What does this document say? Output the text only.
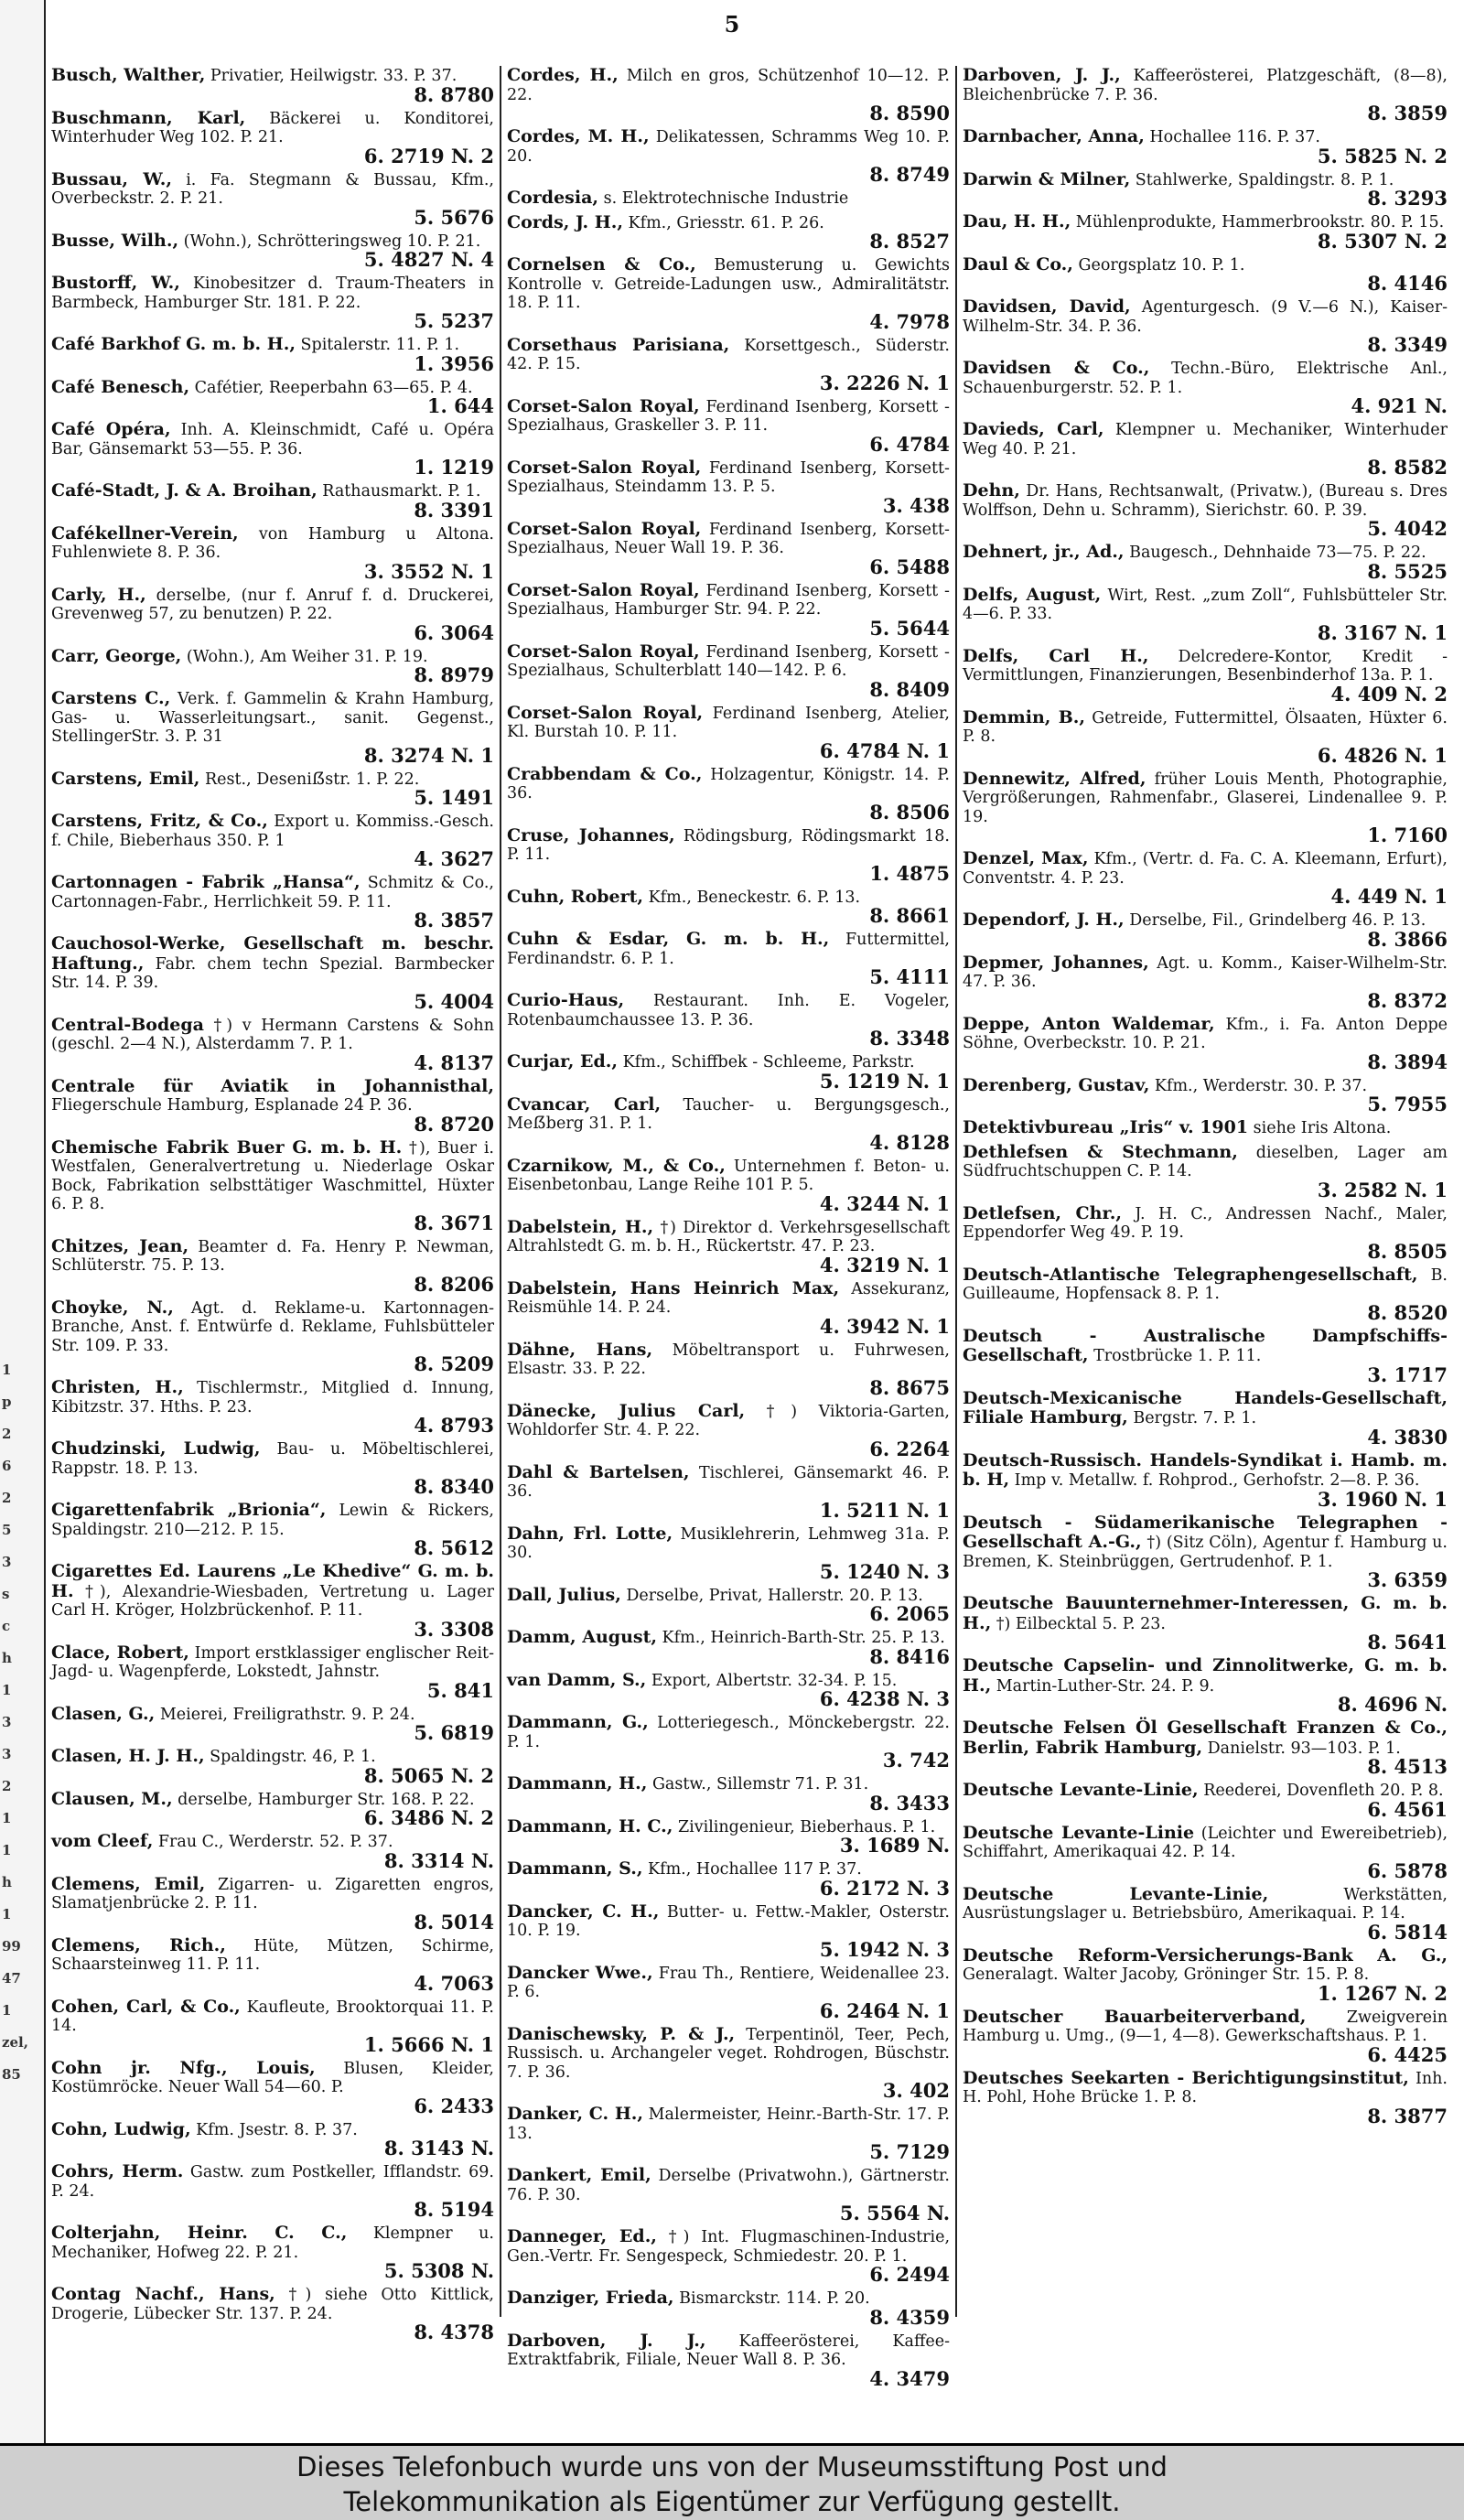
5
1
p
2
6
2
5
3
s
c
h
1
3
3
2
1
1
h
1
99
47
1
zel,
85
Busch, Walther, Privatier, Heilwigstr. 33. P. 37.
8. 8780
Buschmann, Karl, Bäckerei u. Konditorei, Winterhuder Weg 102. P. 21.
6. 2719 N. 2
Bussau, W., i. Fa. Stegmann & Bussau, Kfm., Overbeckstr. 2. P. 21.
5. 5676
Busse, Wilh., (Wohn.), Schrötteringsweg 10. P. 21.
5. 4827 N. 4
Bustorff, W., Kinobesitzer d. Traum-Theaters in Barmbeck, Hamburger Str. 181. P. 22.
5. 5237
Café Barkhof G. m. b. H., Spitalerstr. 11. P. 1.
1. 3956
Café Benesch, Cafétier, Reeperbahn 63—65. P. 4.
1. 644
Café Opéra, Inh. A. Kleinschmidt, Café u. Opéra Bar, Gänsemarkt 53—55. P. 36.
1. 1219
Café-Stadt, J. & A. Broihan, Rathausmarkt. P. 1.
8. 3391
Cafékellner-Verein, von Hamburg u Altona. Fuhlenwiete 8. P. 36.
3. 3552 N. 1
Carly, H., derselbe, (nur f. Anruf f. d. Druckerei, Grevenweg 57, zu benutzen) P. 22.
6. 3064
Carr, George, (Wohn.), Am Weiher 31. P. 19.
8. 8979
Carstens C., Verk. f. Gammelin & Krahn Hamburg, Gas- u. Wasserleitungsart., sanit. Gegenst., StellingerStr. 3. P. 31
8. 3274 N. 1
Carstens, Emil, Rest., Deseniẞstr. 1. P. 22.
5. 1491
Carstens, Fritz, & Co., Export u. Kommiss.-Gesch. f. Chile, Bieberhaus 350. P. 1
4. 3627
Cartonnagen - Fabrik „Hansa“, Schmitz & Co., Cartonnagen-Fabr., Herrlichkeit 59. P. 11.
8. 3857
Cauchosol-Werke, Gesellschaft m. beschr. Haftung., Fabr. chem techn Spezial. Barmbecker Str. 14. P. 39.
5. 4004
Central-Bodega †) v Hermann Carstens & Sohn (geschl. 2—4 N.), Alsterdamm 7. P. 1.
4. 8137
Centrale für Aviatik in Johannisthal, Fliegerschule Hamburg, Esplanade 24 P. 36.
8. 8720
Chemische Fabrik Buer G. m. b. H. †), Buer i. Westfalen, Generalvertretung u. Niederlage Oskar Bock, Fabrikation selbsttätiger Waschmittel, Hüxter 6. P. 8.
8. 3671
Chitzes, Jean, Beamter d. Fa. Henry P. Newman, Schlüterstr. 75. P. 13.
8. 8206
Choyke, N., Agt. d. Reklame-u. Kartonnagen-Branche, Anst. f. Entwürfe d. Reklame, Fuhlsbütteler Str. 109. P. 33.
8. 5209
Christen, H., Tischlermstr., Mitglied d. Innung, Kibitzstr. 37. Hths. P. 23.
4. 8793
Chudzinski, Ludwig, Bau- u. Möbeltischlerei, Rappstr. 18. P. 13.
8. 8340
Cigarettenfabrik „Brionia“, Lewin & Rickers, Spaldingstr. 210—212. P. 15.
8. 5612
Cigarettes Ed. Laurens „Le Khedive“ G. m. b. H. †), Alexandrie-Wiesbaden, Vertretung u. Lager Carl H. Kröger, Holzbrückenhof. P. 11.
3. 3308
Clace, Robert, Import erstklassiger englischer Reit-Jagd- u. Wagenpferde, Lokstedt, Jahnstr.
5. 841
Clasen, G., Meierei, Freiligrathstr. 9. P. 24.
5. 6819
Clasen, H. J. H., Spaldingstr. 46, P. 1.
8. 5065 N. 2
Clausen, M., derselbe, Hamburger Str. 168. P. 22.
6. 3486 N. 2
vom Cleef, Frau C., Werderstr. 52. P. 37.
8. 3314 N.
Clemens, Emil, Zigarren- u. Zigaretten engros, Slamatjenbrücke 2. P. 11.
8. 5014
Clemens, Rich., Hüte, Mützen, Schirme, Schaarsteinweg 11. P. 11.
4. 7063
Cohen, Carl, & Co., Kaufleute, Brooktorquai 11. P. 14.
1. 5666 N. 1
Cohn jr. Nfg., Louis, Blusen, Kleider, Kostümröcke. Neuer Wall 54—60. P.
6. 2433
Cohn, Ludwig, Kfm. Jsestr. 8. P. 37.
8. 3143 N.
Cohrs, Herm. Gastw. zum Postkeller, Ifflandstr. 69. P. 24.
8. 5194
Colterjahn, Heinr. C. C., Klempner u. Mechaniker, Hofweg 22. P. 21.
5. 5308 N.
Contag Nachf., Hans, †) siehe Otto Kittlick, Drogerie, Lübecker Str. 137. P. 24.
8. 4378
Cordes, H., Milch en gros, Schützenhof 10—12. P. 22.
8. 8590
Cordes, M. H., Delikatessen, Schramms Weg 10. P. 20.
8. 8749
Cordesia, s. Elektrotechnische Industrie
Cords, J. H., Kfm., Griesstr. 61. P. 26.
8. 8527
Cornelsen & Co., Bemusterung u. Gewichts Kontrolle v. Getreide-Ladungen usw., Admiralitätstr. 18. P. 11.
4. 7978
Corsethaus Parisiana, Korsettgesch., Süderstr. 42. P. 15.
3. 2226 N. 1
Corset-Salon Royal, Ferdinand Isenberg, Korsett - Spezialhaus, Graskeller 3. P. 11.
6. 4784
Corset-Salon Royal, Ferdinand Isenberg, Korsett-Spezialhaus, Steindamm 13. P. 5.
3. 438
Corset-Salon Royal, Ferdinand Isenberg, Korsett-Spezialhaus, Neuer Wall 19. P. 36.
6. 5488
Corset-Salon Royal, Ferdinand Isenberg, Korsett - Spezialhaus, Hamburger Str. 94. P. 22.
5. 5644
Corset-Salon Royal, Ferdinand Isenberg, Korsett - Spezialhaus, Schulterblatt 140—142. P. 6.
8. 8409
Corset-Salon Royal, Ferdinand Isenberg, Atelier, Kl. Burstah 10. P. 11.
6. 4784 N. 1
Crabbendam & Co., Holzagentur, Königstr. 14. P. 36.
8. 8506
Cruse, Johannes, Rödingsburg, Rödingsmarkt 18. P. 11.
1. 4875
Cuhn, Robert, Kfm., Beneckestr. 6. P. 13.
8. 8661
Cuhn & Esdar, G. m. b. H., Futtermittel, Ferdinandstr. 6. P. 1.
5. 4111
Curio-Haus, Restaurant. Inh. E. Vogeler, Rotenbaumchaussee 13. P. 36.
8. 3348
Curjar, Ed., Kfm., Schiffbek - Schleeme, Parkstr.
5. 1219 N. 1
Cvancar, Carl, Taucher- u. Bergungsgesch., Meẞberg 31. P. 1.
4. 8128
Czarnikow, M., & Co., Unternehmen f. Beton- u. Eisenbetonbau, Lange Reihe 101 P. 5.
4. 3244 N. 1
Dabelstein, H., †) Direktor d. Verkehrsgesellschaft Altrahlstedt G. m. b. H., Rückertstr. 47. P. 23.
4. 3219 N. 1
Dabelstein, Hans Heinrich Max, Assekuranz, Reismühle 14. P. 24.
4. 3942 N. 1
Dähne, Hans, Möbeltransport u. Fuhrwesen, Elsastr. 33. P. 22.
8. 8675
Dänecke, Julius Carl, †) Viktoria-Garten, Wohldorfer Str. 4. P. 22.
6. 2264
Dahl & Bartelsen, Tischlerei, Gänsemarkt 46. P. 36.
1. 5211 N. 1
Dahn, Frl. Lotte, Musiklehrerin, Lehmweg 31a. P. 30.
5. 1240 N. 3
Dall, Julius, Derselbe, Privat, Hallerstr. 20. P. 13.
6. 2065
Damm, August, Kfm., Heinrich-Barth-Str. 25. P. 13.
8. 8416
van Damm, S., Export, Albertstr. 32-34. P. 15.
6. 4238 N. 3
Dammann, G., Lotteriegesch., Mönckebergstr. 22. P. 1.
3. 742
Dammann, H., Gastw., Sillemstr 71. P. 31.
8. 3433
Dammann, H. C., Zivilingenieur, Bieberhaus. P. 1.
3. 1689 N.
Dammann, S., Kfm., Hochallee 117 P. 37.
6. 2172 N. 3
Dancker, C. H., Butter- u. Fettw.-Makler, Osterstr. 10. P. 19.
5. 1942 N. 3
Dancker Wwe., Frau Th., Rentiere, Weidenallee 23. P. 6.
6. 2464 N. 1
Danischewsky, P. & J., Terpentinöl, Teer, Pech, Russisch. u. Archangeler veget. Rohdrogen, Büschstr. 7. P. 36.
3. 402
Danker, C. H., Malermeister, Heinr.-Barth-Str. 17. P. 13.
5. 7129
Dankert, Emil, Derselbe (Privatwohn.), Gärtnerstr. 76. P. 30.
5. 5564 N.
Danneger, Ed., †) Int. Flugmaschinen-Industrie, Gen.-Vertr. Fr. Sengespeck, Schmiedestr. 20. P. 1.
6. 2494
Danziger, Frieda, Bismarckstr. 114. P. 20.
8. 4359
Darboven, J. J., Kaffeerösterei, Kaffee-Extraktfabrik, Filiale, Neuer Wall 8. P. 36.
4. 3479
Darboven, J. J., Kaffeerösterei, Platzgeschäft, (8—8), Bleichenbrücke 7. P. 36.
8. 3859
Darnbacher, Anna, Hochallee 116. P. 37.
5. 5825 N. 2
Darwin & Milner, Stahlwerke, Spaldingstr. 8. P. 1.
8. 3293
Dau, H. H., Mühlenprodukte, Hammerbrookstr. 80. P. 15.
8. 5307 N. 2
Daul & Co., Georgsplatz 10. P. 1.
8. 4146
Davidsen, David, Agenturgesch. (9 V.—6 N.), Kaiser-Wilhelm-Str. 34. P. 36.
8. 3349
Davidsen & Co., Techn.-Büro, Elektrische Anl., Schauenburgerstr. 52. P. 1.
4. 921 N.
Davieds, Carl, Klempner u. Mechaniker, Winterhuder Weg 40. P. 21.
8. 8582
Dehn, Dr. Hans, Rechtsanwalt, (Privatw.), (Bureau s. Dres Wolffson, Dehn u. Schramm), Sierichstr. 60. P. 39.
5. 4042
Dehnert, jr., Ad., Baugesch., Dehnhaide 73—75. P. 22.
8. 5525
Delfs, August, Wirt, Rest. „zum Zoll“, Fuhlsbütteler Str. 4—6. P. 33.
8. 3167 N. 1
Delfs, Carl H., Delcredere-Kontor, Kredit - Vermittlungen, Finanzierungen, Besenbinderhof 13a. P. 1.
4. 409 N. 2
Demmin, B., Getreide, Futtermittel, Ölsaaten, Hüxter 6. P. 8.
6. 4826 N. 1
Dennewitz, Alfred, früher Louis Menth, Photographie, Vergrößerungen, Rahmenfabr., Glaserei, Lindenallee 9. P. 19.
1. 7160
Denzel, Max, Kfm., (Vertr. d. Fa. C. A. Kleemann, Erfurt), Conventstr. 4. P. 23.
4. 449 N. 1
Dependorf, J. H., Derselbe, Fil., Grindelberg 46. P. 13.
8. 3866
Depmer, Johannes, Agt. u. Komm., Kaiser-Wilhelm-Str. 47. P. 36.
8. 8372
Deppe, Anton Waldemar, Kfm., i. Fa. Anton Deppe Söhne, Overbeckstr. 10. P. 21.
8. 3894
Derenberg, Gustav, Kfm., Werderstr. 30. P. 37.
5. 7955
Detektivbureau „Iris“ v. 1901 siehe Iris Altona.
Dethlefsen & Stechmann, dieselben, Lager am Südfruchtschuppen C. P. 14.
3. 2582 N. 1
Detlefsen, Chr., J. H. C., Andressen Nachf., Maler, Eppendorfer Weg 49. P. 19.
8. 8505
Deutsch-Atlantische Telegraphengesellschaft, B. Guilleaume, Hopfensack 8. P. 1.
8. 8520
Deutsch - Australische Dampfschiffs-Gesellschaft, Trostbrücke 1. P. 11.
3. 1717
Deutsch-Mexicanische Handels-Gesellschaft, Filiale Hamburg, Bergstr. 7. P. 1.
4. 3830
Deutsch-Russisch. Handels-Syndikat i. Hamb. m. b. H, Imp v. Metallw. f. Rohprod., Gerhofstr. 2—8. P. 36.
3. 1960 N. 1
Deutsch - Südamerikanische Telegraphen - Gesellschaft A.-G., †) (Sitz Cöln), Agentur f. Hamburg u. Bremen, K. Steinbrüggen, Gertrudenhof. P. 1.
3. 6359
Deutsche Bauunternehmer-Interessen, G. m. b. H., †) Eilbecktal 5. P. 23.
8. 5641
Deutsche Capselin- und Zinnolitwerke, G. m. b. H., Martin-Luther-Str. 24. P. 9.
8. 4696 N.
Deutsche Felsen Öl Gesellschaft Franzen & Co., Berlin, Fabrik Hamburg, Danielstr. 93—103. P. 1.
8. 4513
Deutsche Levante-Linie, Reederei, Dovenfleth 20. P. 8.
6. 4561
Deutsche Levante-Linie (Leichter und Ewereibetrieb), Schiffahrt, Amerikaquai 42. P. 14.
6. 5878
Deutsche Levante-Linie,	Werkstätten, Ausrüstungslager u. Betriebsbüro, Amerikaquai. P. 14.
6. 5814
Deutsche Reform-Versicherungs-Bank A. G., Generalagt. Walter Jacoby, Gröninger Str. 15. P. 8.
1. 1267 N. 2
Deutscher Bauarbeiterverband,	Zweigverein Hamburg u. Umg., (9—1, 4—8). Gewerkschaftshaus. P. 1.
6. 4425
Deutsches Seekarten - Berichtigungsinstitut, Inh. H. Pohl, Hohe Brücke 1. P. 8.
8. 3877
Dieses Telefonbuch wurde uns von der Museumsstiftung Post und
Telekommunikation als Eigentümer zur Verfügung gestellt.
